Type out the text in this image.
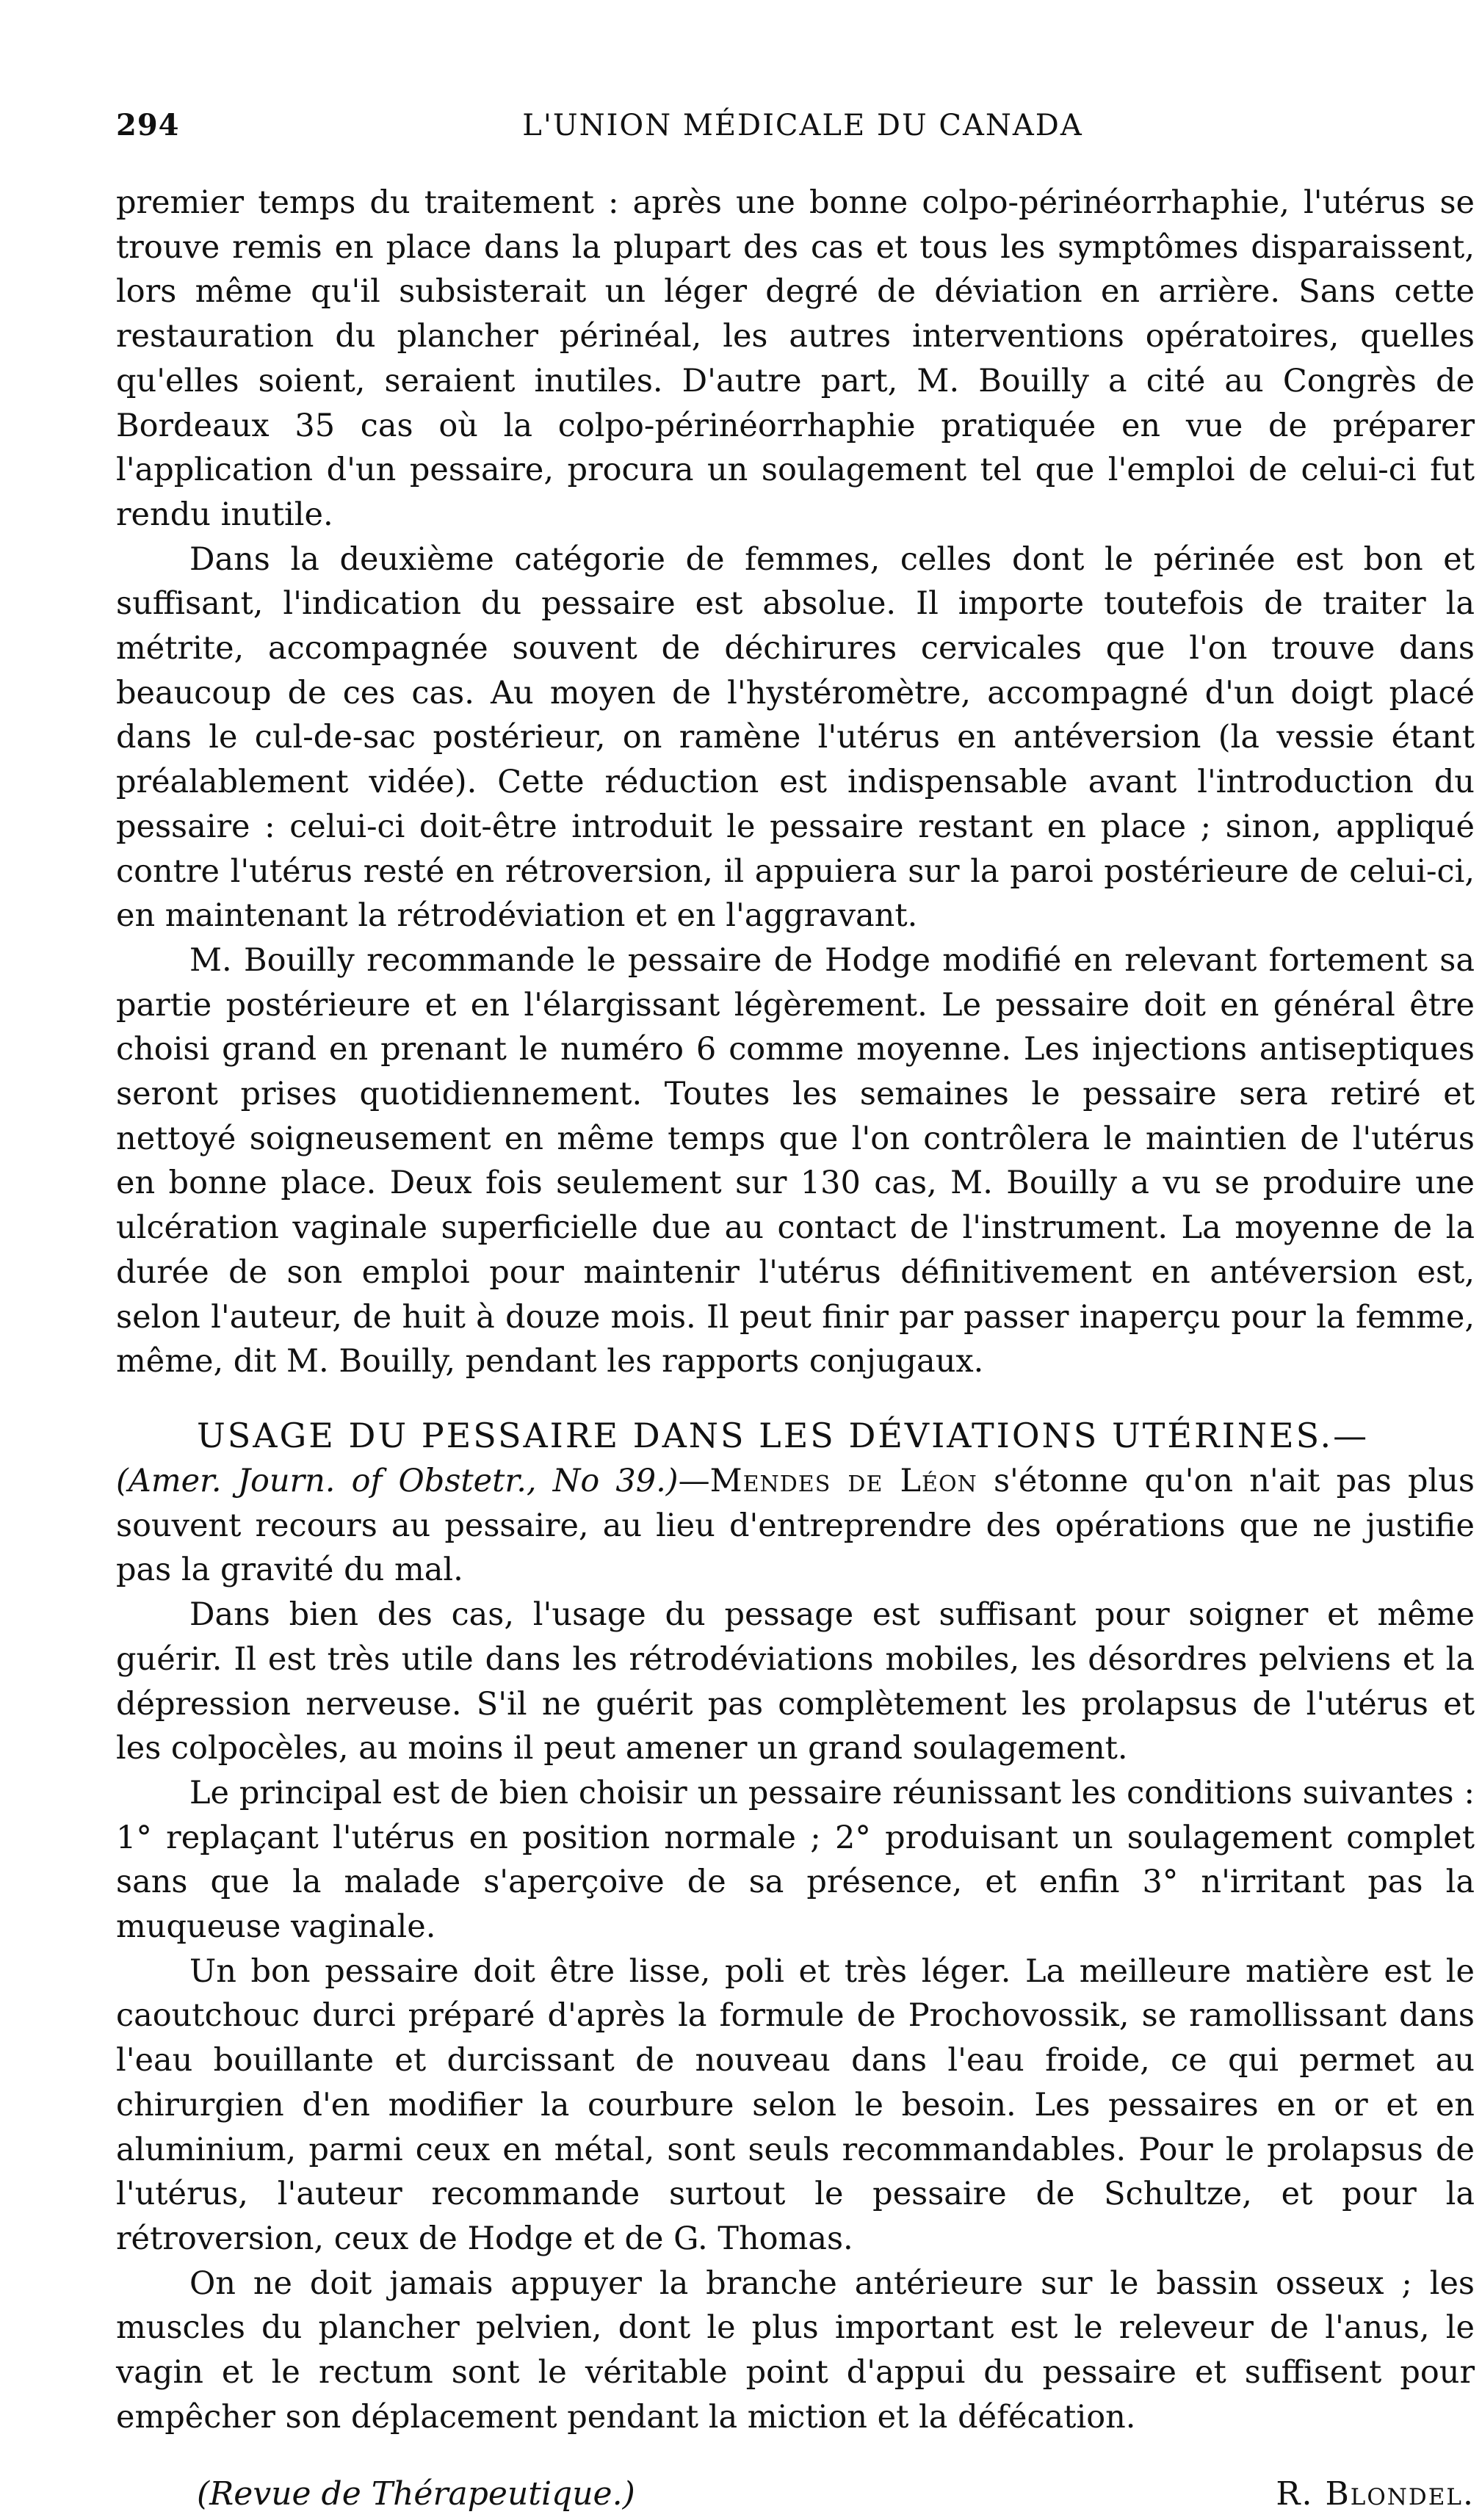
294	L'UNION MÉDICALE DU CANADA

premier temps du traitement : après une bonne colpo-périnéorrhaphie, l'utérus se trouve remis en place dans la plupart des cas et tous les symptômes disparaissent, lors même qu'il subsisterait un léger degré de déviation en arrière. Sans cette restauration du plancher périnéal, les autres interventions opératoires, quelles qu'elles soient, seraient inutiles. D'autre part, M. Bouilly a cité au Congrès de Bordeaux 35 cas où la colpo-périnéorrhaphie pratiquée en vue de préparer l'application d'un pessaire, procura un soulagement tel que l'emploi de celui-ci fut rendu inutile.

Dans la deuxième catégorie de femmes, celles dont le périnée est bon et suffisant, l'indication du pessaire est absolue. Il importe toutefois de traiter la métrite, accompagnée souvent de déchirures cervicales que l'on trouve dans beaucoup de ces cas. Au moyen de l'hystéromètre, accompagné d'un doigt placé dans le cul-de-sac postérieur, on ramène l'utérus en antéversion (la vessie étant préalablement vidée). Cette réduction est indispensable avant l'introduction du pessaire : celui-ci doit-être introduit le pessaire restant en place ; sinon, appliqué contre l'utérus resté en rétroversion, il appuiera sur la paroi postérieure de celui-ci, en maintenant la rétrodéviation et en l'aggravant.

M. Bouilly recommande le pessaire de Hodge modifié en relevant fortement sa partie postérieure et en l'élargissant légèrement. Le pessaire doit en général être choisi grand en prenant le numéro 6 comme moyenne. Les injections antiseptiques seront prises quotidiennement. Toutes les semaines le pessaire sera retiré et nettoyé soigneusement en même temps que l'on contrôlera le maintien de l'utérus en bonne place. Deux fois seulement sur 130 cas, M. Bouilly a vu se produire une ulcération vaginale superficielle due au contact de l'instrument. La moyenne de la durée de son emploi pour maintenir l'utérus définitivement en antéversion est, selon l'auteur, de huit à douze mois. Il peut finir par passer inaperçu pour la femme, même, dit M. Bouilly, pendant les rapports conjugaux.

USAGE DU PESSAIRE DANS LES DÉVIATIONS UTÉRINES.—

(Amer. Journ. of Obstetr., No 39.)—Mendes de Léon s'étonne qu'on n'ait pas plus souvent recours au pessaire, au lieu d'entreprendre des opérations que ne justifie pas la gravité du mal.

Dans bien des cas, l'usage du pessage est suffisant pour soigner et même guérir. Il est très utile dans les rétrodéviations mobiles, les désordres pelviens et la dépression nerveuse. S'il ne guérit pas complètement les prolapsus de l'utérus et les colpocèles, au moins il peut amener un grand soulagement.

Le principal est de bien choisir un pessaire réunissant les conditions suivantes : 1° replaçant l'utérus en position normale ; 2° produisant un soulagement complet sans que la malade s'aperçoive de sa présence, et enfin 3° n'irritant pas la muqueuse vaginale.

Un bon pessaire doit être lisse, poli et très léger. La meilleure matière est le caoutchouc durci préparé d'après la formule de Prochovossik, se ramollissant dans l'eau bouillante et durcissant de nouveau dans l'eau froide, ce qui permet au chirurgien d'en modifier la courbure selon le besoin. Les pessaires en or et en aluminium, parmi ceux en métal, sont seuls recommandables. Pour le prolapsus de l'utérus, l'auteur recommande surtout le pessaire de Schultze, et pour la rétroversion, ceux de Hodge et de G. Thomas.

On ne doit jamais appuyer la branche antérieure sur le bassin osseux ; les muscles du plancher pelvien, dont le plus important est le releveur de l'anus, le vagin et le rectum sont le véritable point d'appui du pessaire et suffisent pour empêcher son déplacement pendant la miction et la défécation.

(Revue de Thérapeutique.)	R. Blondel.
